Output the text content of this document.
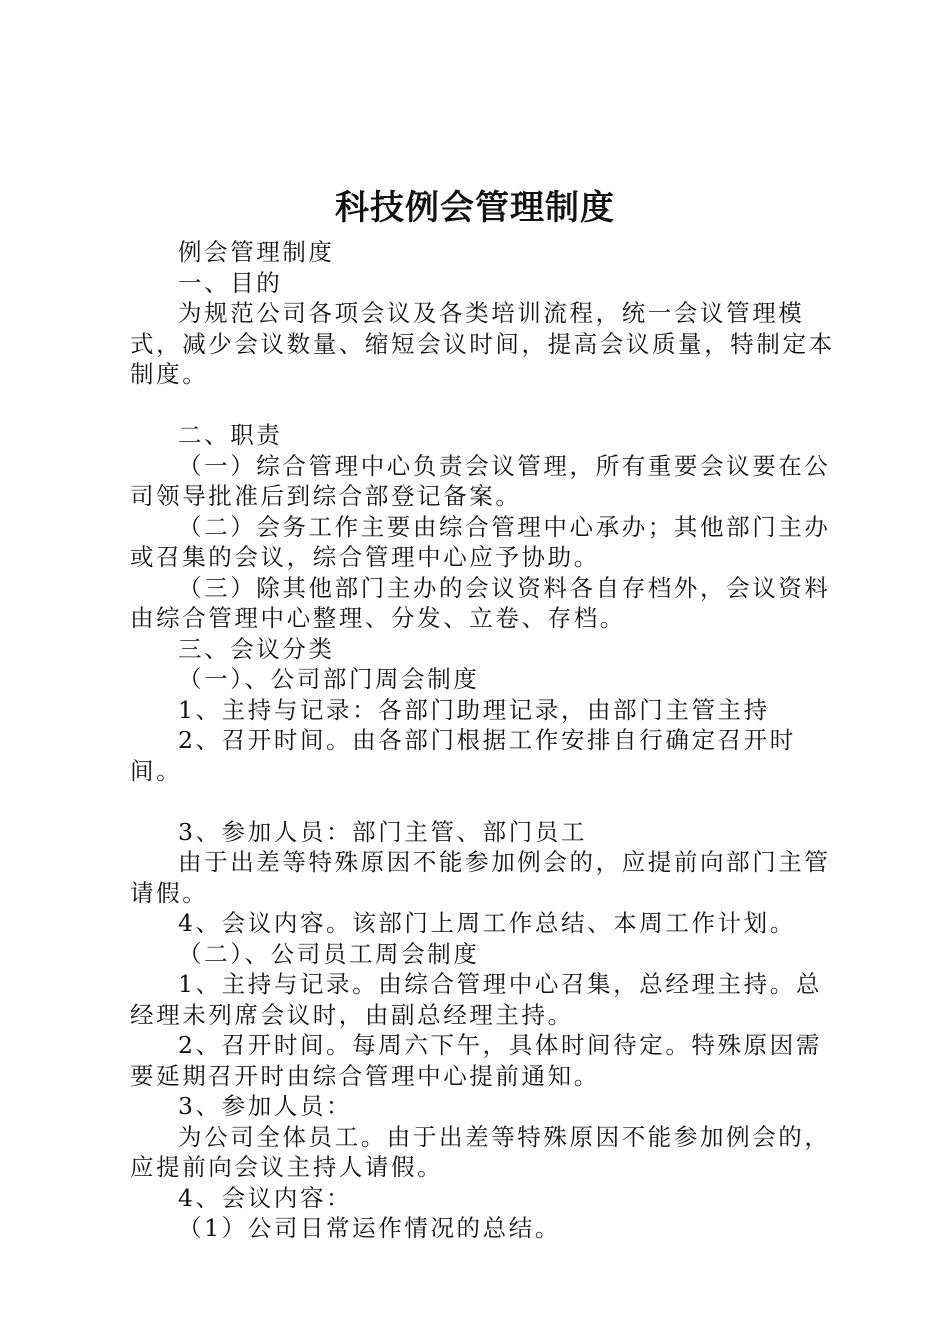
科技例会管理制度

例会管理制度

一、目的

为规范公司各项会议及各类培训流程，统一会议管理模式，减少会议数量、缩短会议时间，提高会议质量，特制定本制度。

二、职责

（一）综合管理中心负责会议管理，所有重要会议要在公司领导批准后到综合部登记备案。

（二）会务工作主要由综合管理中心承办；其他部门主办或召集的会议，综合管理中心应予协助。

（三）除其他部门主办的会议资料各自存档外，会议资料由综合管理中心整理、分发、立卷、存档。

三、会议分类

（一）、公司部门周会制度

1、主持与记录：各部门助理记录，由部门主管主持

2、召开时间。由各部门根据工作安排自行确定召开时间。

3、参加人员：部门主管、部门员工

由于出差等特殊原因不能参加例会的，应提前向部门主管请假。

4、会议内容。该部门上周工作总结、本周工作计划。

（二）、公司员工周会制度

1、主持与记录。由综合管理中心召集，总经理主持。总经理未列席会议时，由副总经理主持。

2、召开时间。每周六下午，具体时间待定。特殊原因需要延期召开时由综合管理中心提前通知。

3、参加人员：

为公司全体员工。由于出差等特殊原因不能参加例会的，应提前向会议主持人请假。

4、会议内容：

（1）公司日常运作情况的总结。
